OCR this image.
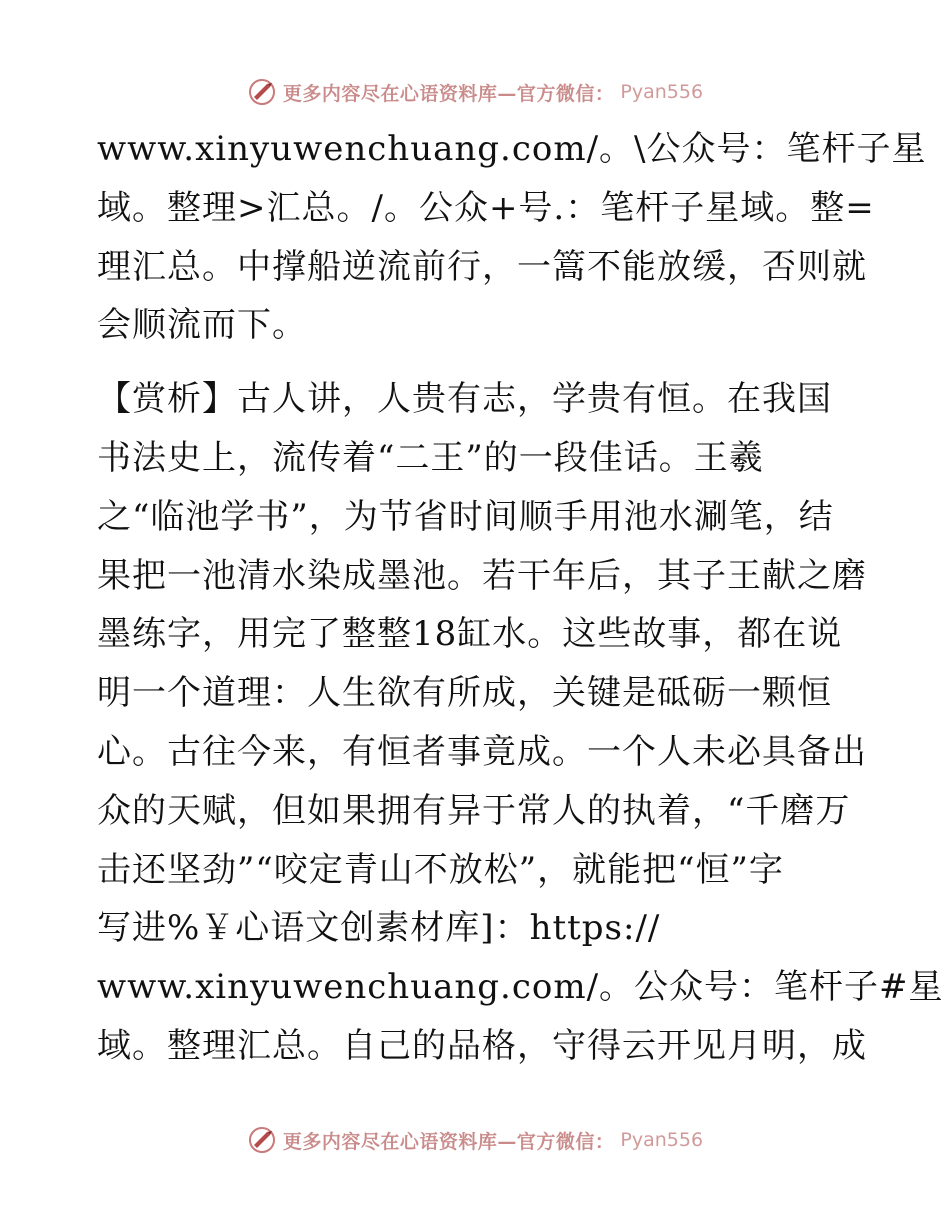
更多内容尽在心语资料库—官方微信： Pyan556
www.xinyuwenchuang.com/。\公众号：笔杆子星
域。整理>汇总。/。公众+号.：笔杆子星域。整=
理汇总。中撑船逆流前行，一篙不能放缓，否则就
会顺流而下。
【赏析】古人讲，人贵有志，学贵有恒。在我国
书法史上，流传着“二王”的一段佳话。王羲
之“临池学书”，为节省时间顺手用池水涮笔，结
果把一池清水染成墨池。若干年后，其子王献之磨
墨练字，用完了整整18缸水。这些故事，都在说
明一个道理：人生欲有所成，关键是砥砺一颗恒
心。古往今来，有恒者事竟成。一个人未必具备出
众的天赋，但如果拥有异于常人的执着，“千磨万
击还坚劲”“咬定青山不放松”，就能把“恒”字
写进%￥心语文创素材库]：https://
www.xinyuwenchuang.com/。公众号：笔杆子#星
域。整理汇总。自己的品格，守得云开见月明，成
更多内容尽在心语资料库—官方微信： Pyan556
